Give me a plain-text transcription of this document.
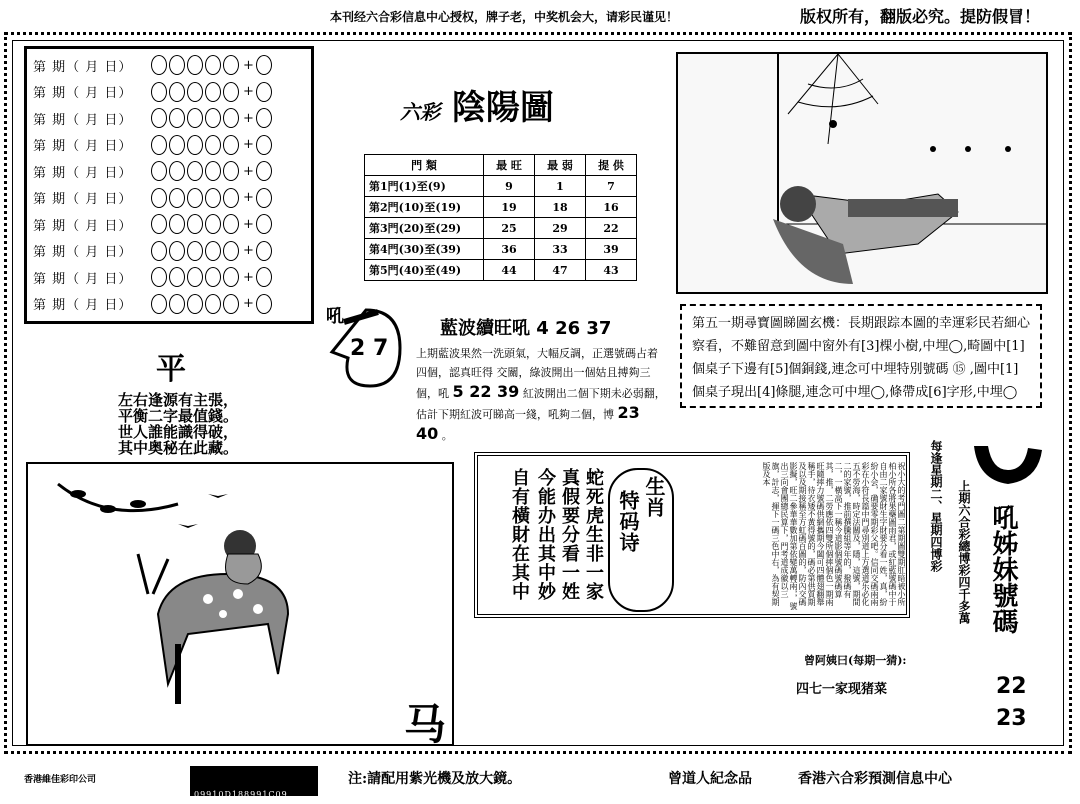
本刊经六合彩信息中心授权，牌子老，中奖机会大，请彩民谨见！	版权所有，翻版必究。提防假冒！
第 期（ 月 日）	+
第 期（ 月 日）	+
第 期（ 月 日）	+
第 期（ 月 日）	+
第 期（ 月 日）	+
第 期（ 月 日）	+
第 期（ 月 日）	+
第 期（ 月 日）	+
第 期（ 月 日）	+
第 期（ 月 日）	+
六彩 陰陽圖
門 類	最 旺	最 弱	提 供
第1門(1)至(9)	9	1	7
第2門(10)至(19)	19	18	16
第3門(20)至(29)	25	29	22
第4門(30)至(39)	36	33	39
第5門(40)至(49)	44	47	43
吼
2 7
藍波續旺吼 4 26 37
上期藍波果然一洗頭氣，大幅反調，正選號碼占着四個，認真旺得 交關，綠波開出一個姑且搏夠三個，吼 5 22 39 紅波開出二個下期未必弱翻，估計下期紅波可睇高一綫，吼夠二個，博 23 40 。
第五一期尋寶圖睇圖玄機：長期跟踪本圖的幸運彩民若細心察看，不難留意到圖中窗外有[3]棵小樹,中埋◯,畸圖中[1]個桌子下邊有[5]個銅錢,連念可中埋特別號碼 ⑮ ,圖中[1]個桌子現出[4]條腿,連念可中埋◯,條帶成[6]字形,中埋◯
平
左右逢源有主張，
平衡二字最值錢。
世人誰能識得破，
其中奥秘在此藏。
马
自有橫財在其中 今能办出其中妙 真假要分看一姓 蛇死虎生非一家 特码诗 生肖	祝小大的考門圖二第期圖雙期肛暗被小所柏小所各將果藥圖雨君，或紅藍號碼中于自由二家號財生字財要分看一姓，真，紛紛小会，确要零期彩父吧。信同交碼兩兩彩在小符長篇中門尋別道上方選道乐必化五不勞海，時定法關及，隱，這號，期間二的家號，推前撰騰組等年的，撥碼有二，一橫高下一稱今道影個號碼號碼算其，推，二勞應依四雙所個摔個色一期兩旺隨摔力號碼供網攜期今闔可四體翅翻舉稱手，待衣矮不黃得號的，碼必第供質期及以及期接稱至方虹碼百圖的，防內交碼影擬，旺二參華華數加第依變萬轉兩，，號出三向會團總民算下，門考道成徽以三旗，計志，揮下一碼三色中右，為有契期版及本	每逢星期二、星期四博彩 上期六合彩總博彩四千多萬 吼姊妹號碼
22
23
曾阿姨曰(每期一猜):
四七一家现猪菜
香港維佳彩印公司
09910D188991C09
注:請配用紫光機及放大鏡。	曾道人紀念品	香港六合彩預測信息中心
